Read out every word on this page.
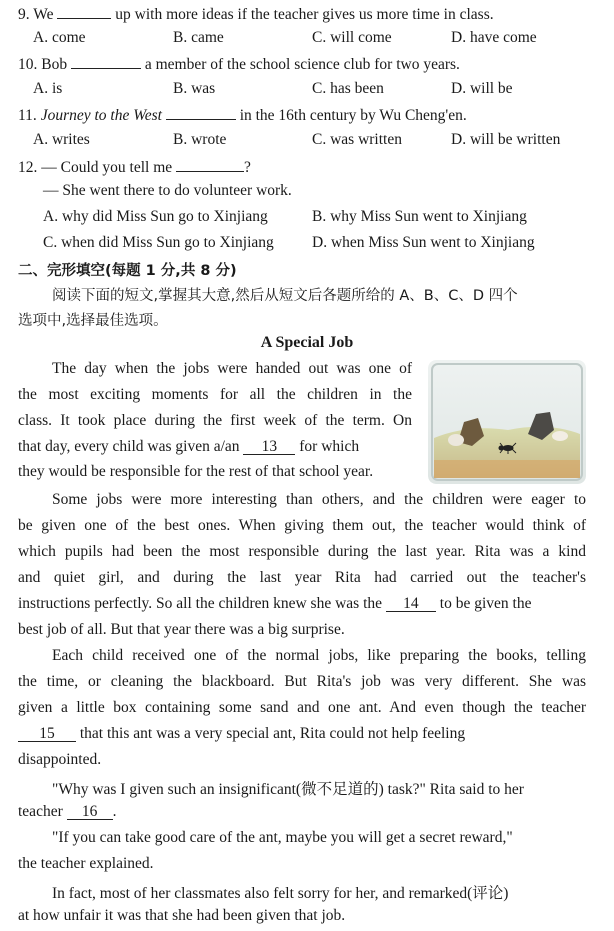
9. We	up with more ideas if the teacher gives us more time in class.
A. come	B. came	C. will come	D. have come
10. Bob	a member of the school science club for two years.
A. is	B. was	C. has been	D. will be
11. Journey to the West	in the 16th century by Wu Cheng'en.
A. writes	B. wrote	C. was written	D. will be written
12. — Could you tell me	?
— She went there to do volunteer work.
A. why did Miss Sun go to Xinjiang	B. why Miss Sun went to Xinjiang
C. when did Miss Sun go to Xinjiang D. when Miss Sun went to Xinjiang
二、完形填空(每题 1 分,共 8 分)
阅读下面的短文,掌握其大意,然后从短文后各题所给的 A、B、C、D 四个
选项中,选择最佳选项。
A Special Job
The day when the jobs were handed out was one of
the most exciting moments for all the children in the
class. It took place during the first week of the term. On
that day, every child was given a/an 13 for which
they would be responsible for the rest of that school year.
Some jobs were more interesting than others, and the children were eager to
be given one of the best ones. When giving them out, the teacher would think of
which pupils had been the most responsible during the last year. Rita was a kind
and quiet girl, and during the last year Rita had carried out the teacher's
instructions perfectly. So all the children knew she was the 14 to be given the
best job of all. But that year there was a big surprise.
Each child received one of the normal jobs, like preparing the books, telling
the time, or cleaning the blackboard. But Rita's job was very different. She was
given a little box containing some sand and one ant. And even though the teacher
15 that this ant was a very special ant, Rita could not help feeling
disappointed.
"Why was I given such an insignificant(微不足道的) task?" Rita said to her
teacher 16 .
"If you can take good care of the ant, maybe you will get a secret reward,"
the teacher explained.
In fact, most of her classmates also felt sorry for her, and remarked(评论)
at how unfair it was that she had been given that job.
